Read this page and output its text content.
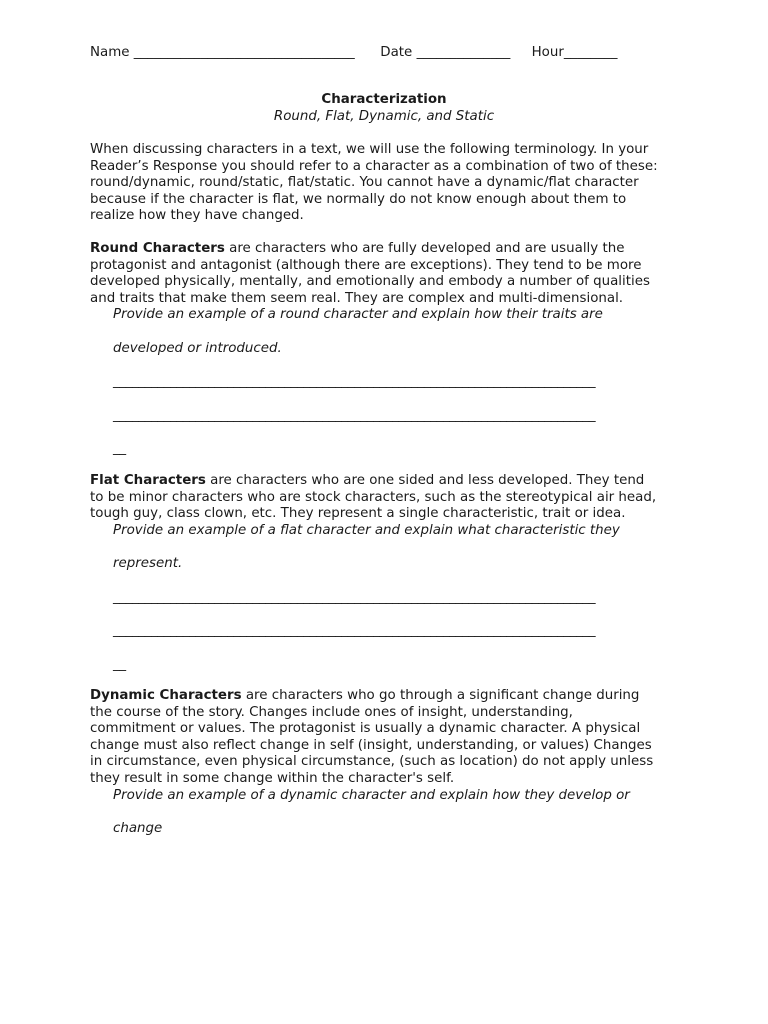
Name _________________________________ Date ______________ Hour________
Characterization
Round, Flat, Dynamic, and Static
When discussing characters in a text, we will use the following terminology. In your
Reader’s Response you should refer to a character as a combination of two of these:
round/dynamic, round/static, flat/static. You cannot have a dynamic/flat character
because if the character is flat, we normally do not know enough about them to
realize how they have changed.
Round Characters are characters who are fully developed and are usually the
protagonist and antagonist (although there are exceptions). They tend to be more
developed physically, mentally, and emotionally and embody a number of qualities
and traits that make them seem real. They are complex and multi-dimensional.
Provide an example of a round character and explain how their traits are
developed or introduced.
____________________________________________________________________________
____________________________________________________________________________
__
Flat Characters are characters who are one sided and less developed. They tend
to be minor characters who are stock characters, such as the stereotypical air head,
tough guy, class clown, etc. They represent a single characteristic, trait or idea.
Provide an example of a flat character and explain what characteristic they
represent.
____________________________________________________________________________
____________________________________________________________________________
__
Dynamic Characters are characters who go through a significant change during
the course of the story. Changes include ones of insight, understanding,
commitment or values. The protagonist is usually a dynamic character. A physical
change must also reflect change in self (insight, understanding, or values) Changes
in circumstance, even physical circumstance, (such as location) do not apply unless
they result in some change within the character's self.
Provide an example of a dynamic character and explain how they develop or
change
